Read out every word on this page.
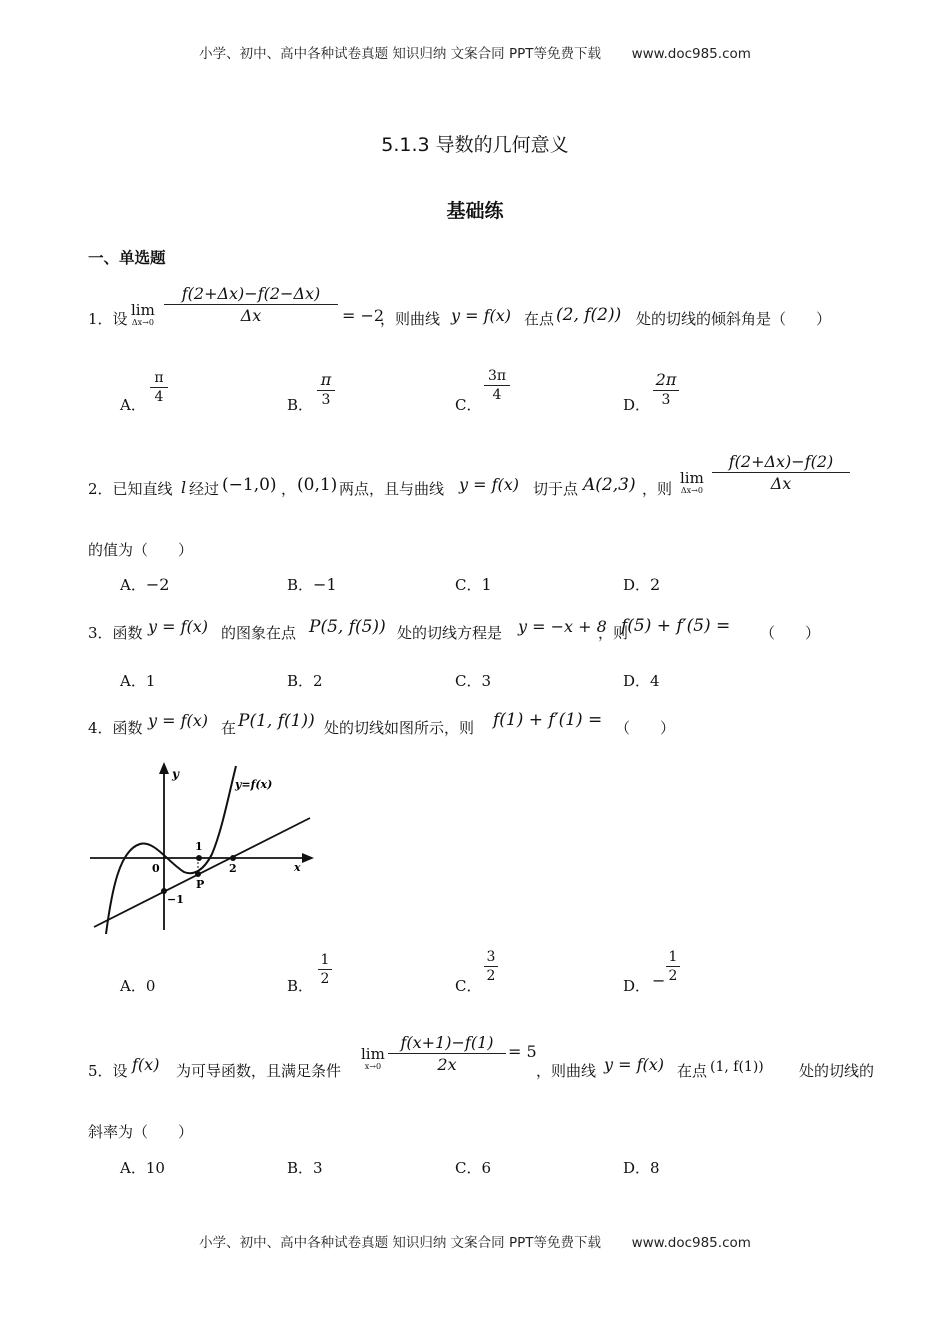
小学、初中、高中各种试卷真题 知识归纳 文案合同 PPT等免费下载 www.doc985.com
5.1.3 导数的几何意义
基础练
一、单选题
1．设 lim
Δx→0
f(2+Δx)−f(2−Δx)
Δx	= −2
，则曲线 y = f(x) 在点 (2, f(2)) 处的切线的倾斜角是（　　）
A．
π
4	B．
π
3	C．
3π
4
D．
2π
3
2．已知直线 l 经过 (−1,0) ， (0,1) 两点，且与曲线 y = f(x) 切于点 A(2,3) ，则
lim
Δx→0
f(2+Δx)−f(2)
Δx
的值为（　　）
A．−2	B．−1	C．1	D．2
3．函数 y = f(x) 的图象在点 P(5, f(5)) 处的切线方程是 y = −x + 8
，则
f(5) + f′(5) = （　　）
A．1	B．2	C．3	D．4
4．函数 y = f(x) 在 P(1, f(1)) 处的切线如图所示，则 f(1) + f′(1) = （　　）
y
x
y=f(x)
0
1
2
−1
P
A．0	B．
1
2	C．
3
2
D． −
1
2
5．设 f(x) 为可导函数，且满足条件
lim
x→0
f(x+1)−f(1)
2x
= 5
，则曲线 y = f(x) 在点 (1, f(1)) 处的切线的
斜率为（　　）
A．10	B．3	C．6	D．8
小学、初中、高中各种试卷真题 知识归纳 文案合同 PPT等免费下载 www.doc985.com
